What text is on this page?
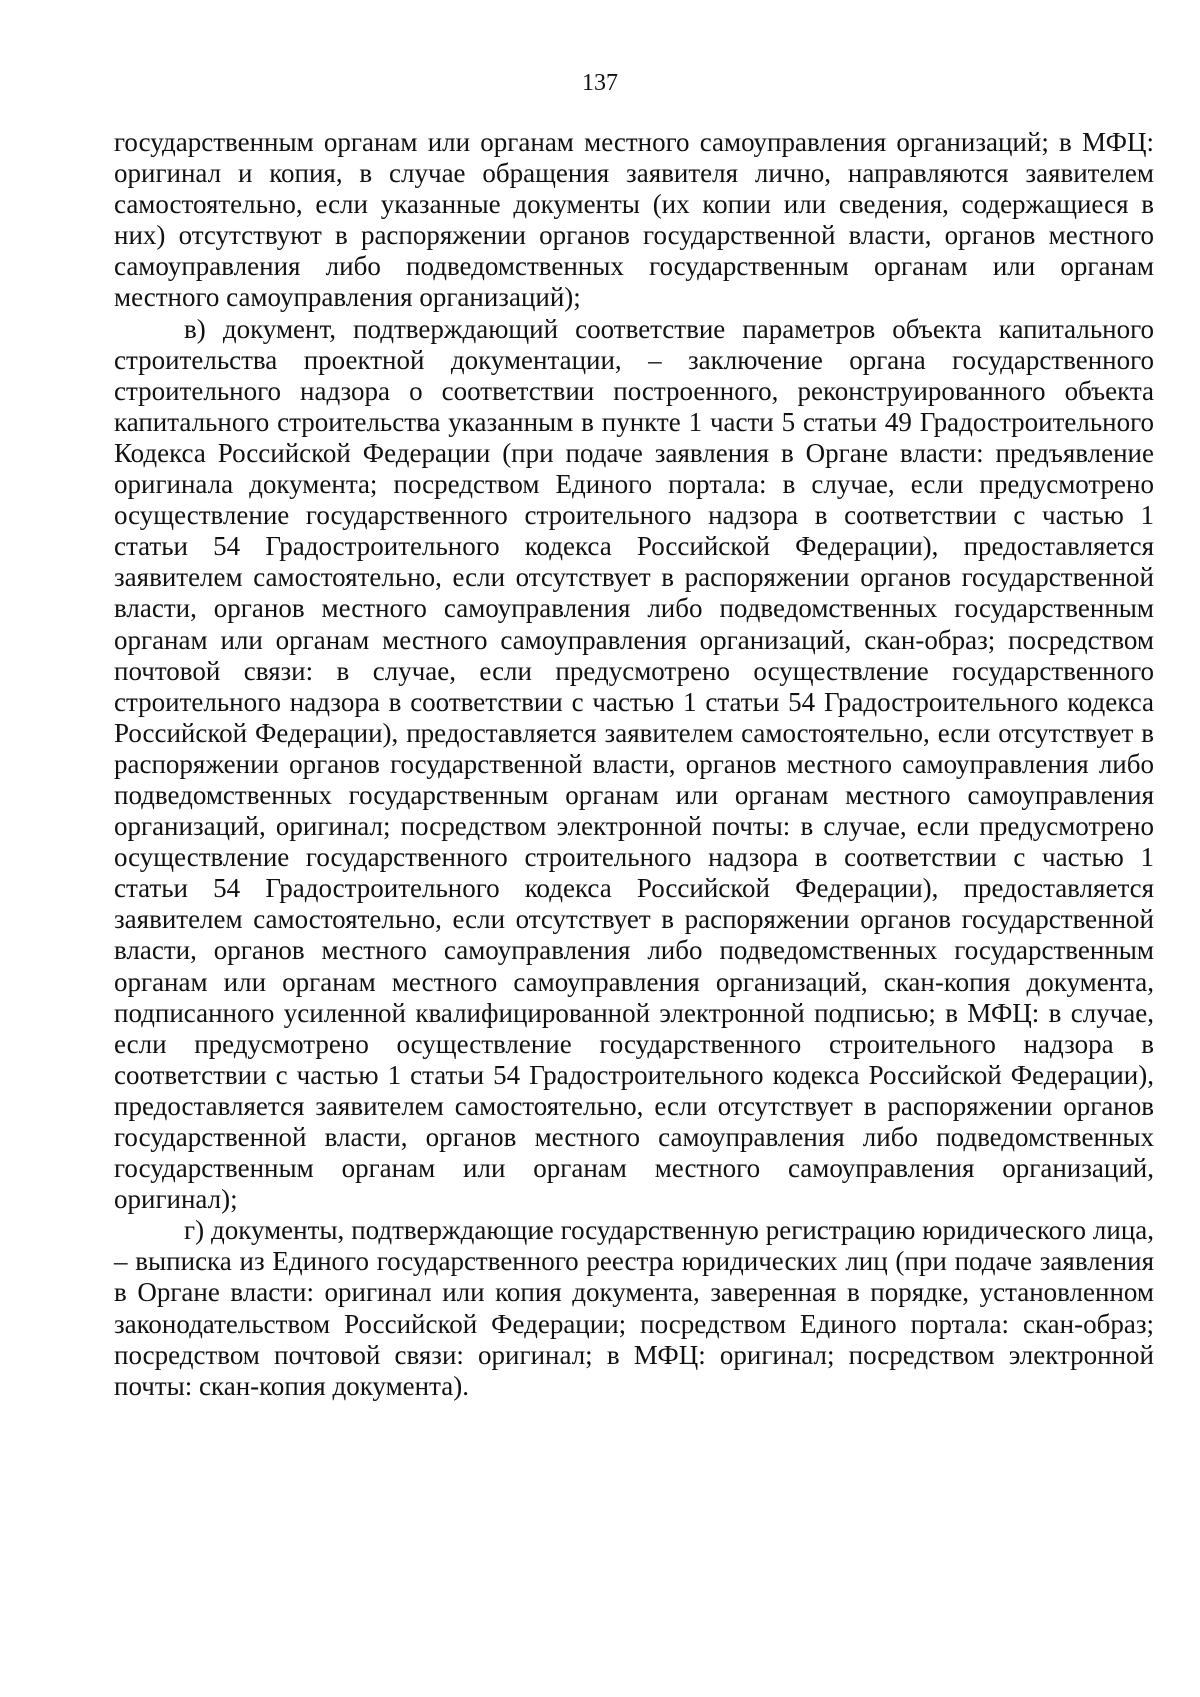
137

государственным органам или органам местного самоуправления организаций; в МФЦ: оригинал и копия, в случае обращения заявителя лично, направляются заявителем самостоятельно, если указанные документы (их копии или сведения, содержащиеся в них) отсутствуют в распоряжении органов государственной власти, органов местного самоуправления либо подведомственных государственным органам или органам местного самоуправления организаций);

в) документ, подтверждающий соответствие параметров объекта капитального строительства проектной документации, – заключение органа государственного строительного надзора о соответствии построенного, реконструированного объекта капитального строительства указанным в пункте 1 части 5 статьи 49 Градостроительного Кодекса Российской Федерации (при подаче заявления в Органе власти: предъявление оригинала документа; посредством Единого портала: в случае, если предусмотрено осуществление государственного строительного надзора в соответствии с частью 1 статьи 54 Градостроительного кодекса Российской Федерации), предоставляется заявителем самостоятельно, если отсутствует в распоряжении органов государственной власти, органов местного самоуправления либо подведомственных государственным органам или органам местного самоуправления организаций, скан-образ; посредством почтовой связи: в случае, если предусмотрено осуществление государственного строительного надзора в соответствии с частью 1 статьи 54 Градостроительного кодекса Российской Федерации), предоставляется заявителем самостоятельно, если отсутствует в распоряжении органов государственной власти, органов местного самоуправления либо подведомственных государственным органам или органам местного самоуправления организаций, оригинал; посредством электронной почты: в случае, если предусмотрено осуществление государственного строительного надзора в соответствии с частью 1 статьи 54 Градостроительного кодекса Российской Федерации), предоставляется заявителем самостоятельно, если отсутствует в распоряжении органов государственной власти, органов местного самоуправления либо подведомственных государственным органам или органам местного самоуправления организаций, скан-копия документа, подписанного усиленной квалифицированной электронной подписью; в МФЦ: в случае, если предусмотрено осуществление государственного строительного надзора в соответствии с частью 1 статьи 54 Градостроительного кодекса Российской Федерации), предоставляется заявителем самостоятельно, если отсутствует в распоряжении органов государственной власти, органов местного самоуправления либо подведомственных государственным органам или органам местного самоуправления организаций, оригинал);

г) документы, подтверждающие государственную регистрацию юридического лица, – выписка из Единого государственного реестра юридических лиц (при подаче заявления в Органе власти: оригинал или копия документа, заверенная в порядке, установленном законодательством Российской Федерации; посредством Единого портала: скан-образ; посредством почтовой связи: оригинал; в МФЦ: оригинал; посредством электронной почты: скан-копия документа).
